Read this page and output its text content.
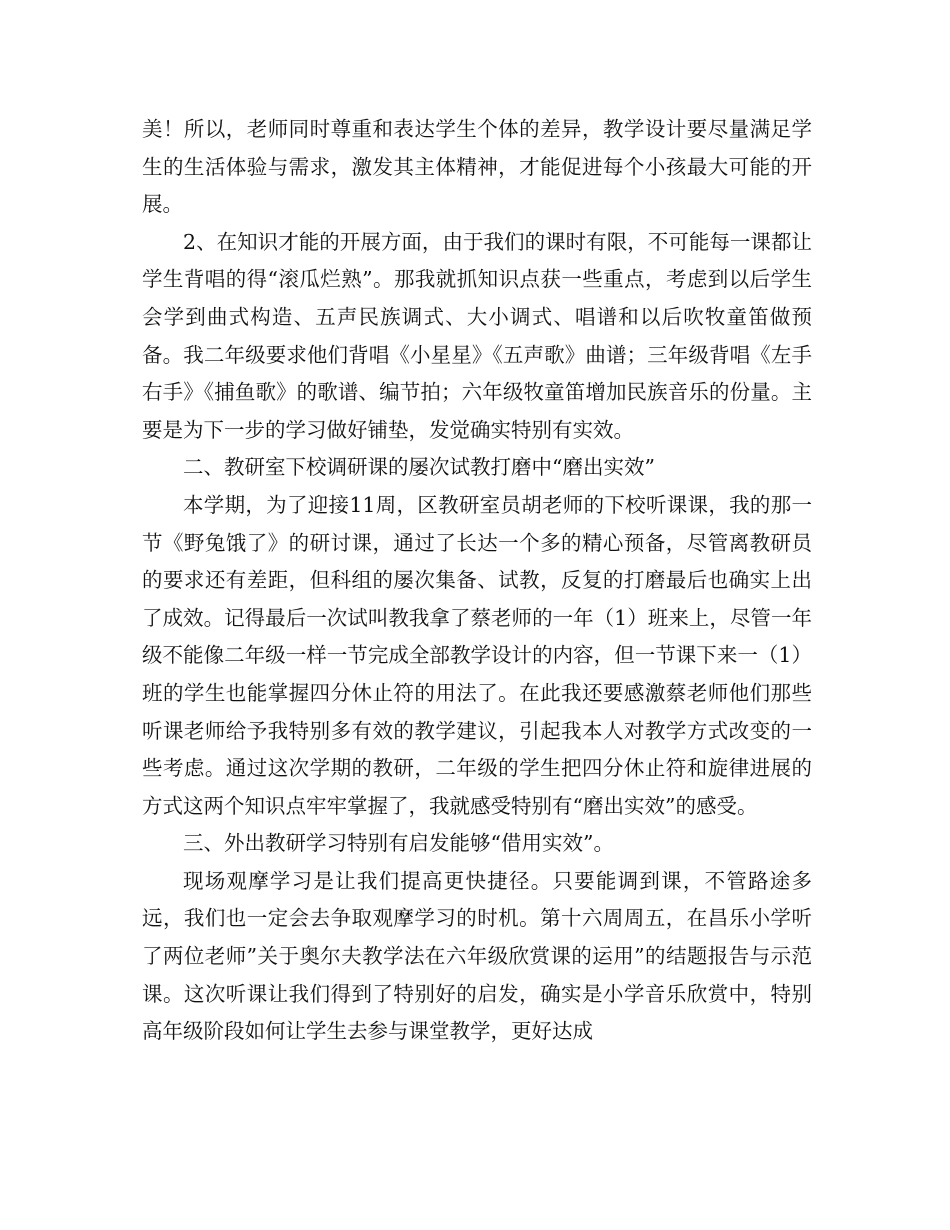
美！所以，老师同时尊重和表达学生个体的差异，教学设计要尽量满足学生的生活体验与需求，激发其主体精神，才能促进每个小孩最大可能的开展。

2、在知识才能的开展方面，由于我们的课时有限，不可能每一课都让学生背唱的得“滚瓜烂熟”。那我就抓知识点获一些重点，考虑到以后学生会学到曲式构造、五声民族调式、大小调式、唱谱和以后吹牧童笛做预备。我二年级要求他们背唱《小星星》《五声歌》曲谱；三年级背唱《左手右手》《捕鱼歌》的歌谱、编节拍；六年级牧童笛增加民族音乐的份量。主要是为下一步的学习做好铺垫，发觉确实特别有实效。

二、教研室下校调研课的屡次试教打磨中“磨出实效”

本学期，为了迎接11周，区教研室员胡老师的下校听课课，我的那一节《野兔饿了》的研讨课，通过了长达一个多的精心预备，尽管离教研员的要求还有差距，但科组的屡次集备、试教，反复的打磨最后也确实上出了成效。记得最后一次试叫教我拿了蔡老师的一年（1）班来上，尽管一年级不能像二年级一样一节完成全部教学设计的内容，但一节课下来一（1）班的学生也能掌握四分休止符的用法了。在此我还要感激蔡老师他们那些听课老师给予我特别多有效的教学建议，引起我本人对教学方式改变的一些考虑。通过这次学期的教研，二年级的学生把四分休止符和旋律进展的方式这两个知识点牢牢掌握了，我就感受特别有“磨出实效”的感受。

三、外出教研学习特别有启发能够“借用实效”。

现场观摩学习是让我们提高更快捷径。只要能调到课，不管路途多远，我们也一定会去争取观摩学习的时机。第十六周周五，在昌乐小学听了两位老师”关于奥尔夫教学法在六年级欣赏课的运用”的结题报告与示范课。这次听课让我们得到了特别好的启发，确实是小学音乐欣赏中，特别高年级阶段如何让学生去参与课堂教学，更好达成
